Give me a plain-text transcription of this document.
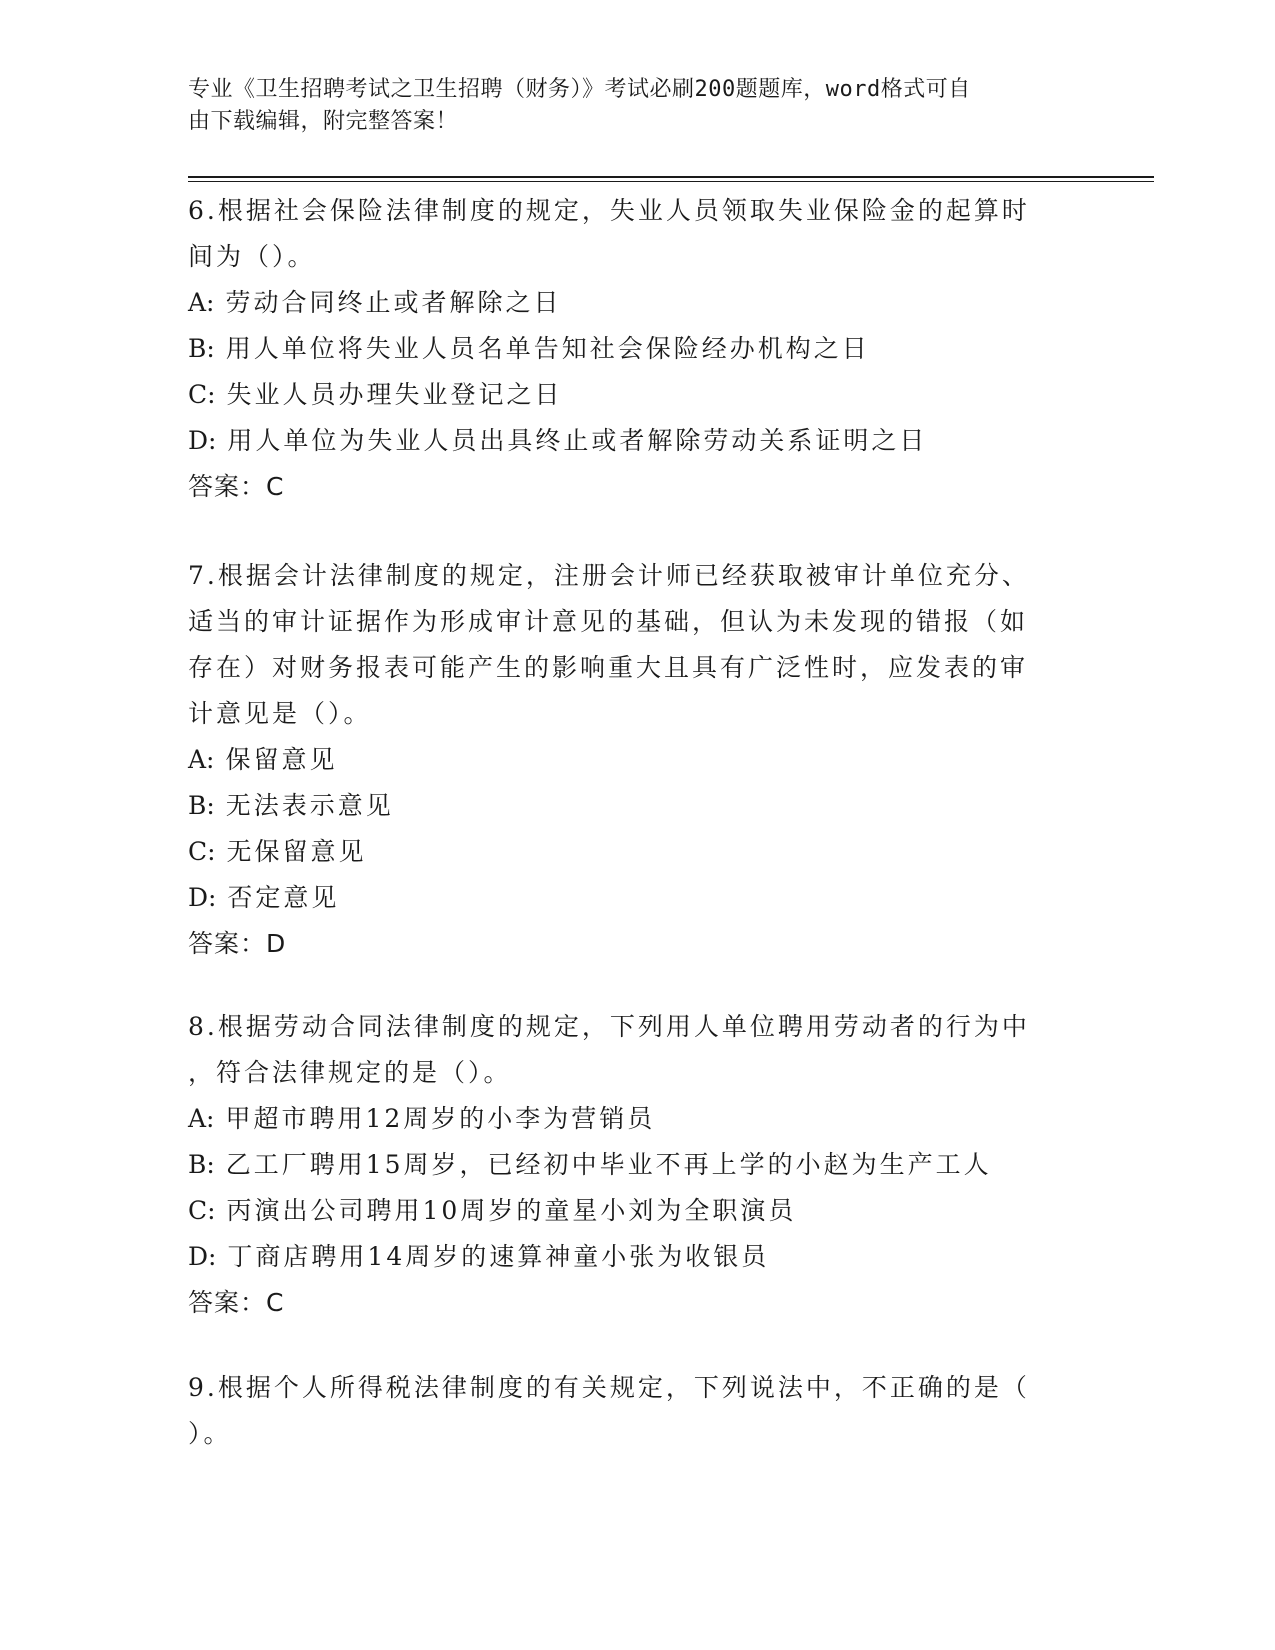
专业《卫生招聘考试之卫生招聘（财务）》考试必刷200题题库，word格式可自
由下载编辑，附完整答案！

6.根据社会保险法律制度的规定，失业人员领取失业保险金的起算时

间为（）。

A: 劳动合同终止或者解除之日

B: 用人单位将失业人员名单告知社会保险经办机构之日

C: 失业人员办理失业登记之日

D: 用人单位为失业人员出具终止或者解除劳动关系证明之日

答案：C

7.根据会计法律制度的规定，注册会计师已经获取被审计单位充分、

适当的审计证据作为形成审计意见的基础，但认为未发现的错报（如

存在）对财务报表可能产生的影响重大且具有广泛性时，应发表的审

计意见是（）。

A: 保留意见

B: 无法表示意见

C: 无保留意见

D: 否定意见

答案：D

8.根据劳动合同法律制度的规定，下列用人单位聘用劳动者的行为中

，符合法律规定的是（）。

A: 甲超市聘用12周岁的小李为营销员

B: 乙工厂聘用15周岁，已经初中毕业不再上学的小赵为生产工人

C: 丙演出公司聘用10周岁的童星小刘为全职演员

D: 丁商店聘用14周岁的速算神童小张为收银员

答案：C

9.根据个人所得税法律制度的有关规定，下列说法中，不正确的是（

）。
